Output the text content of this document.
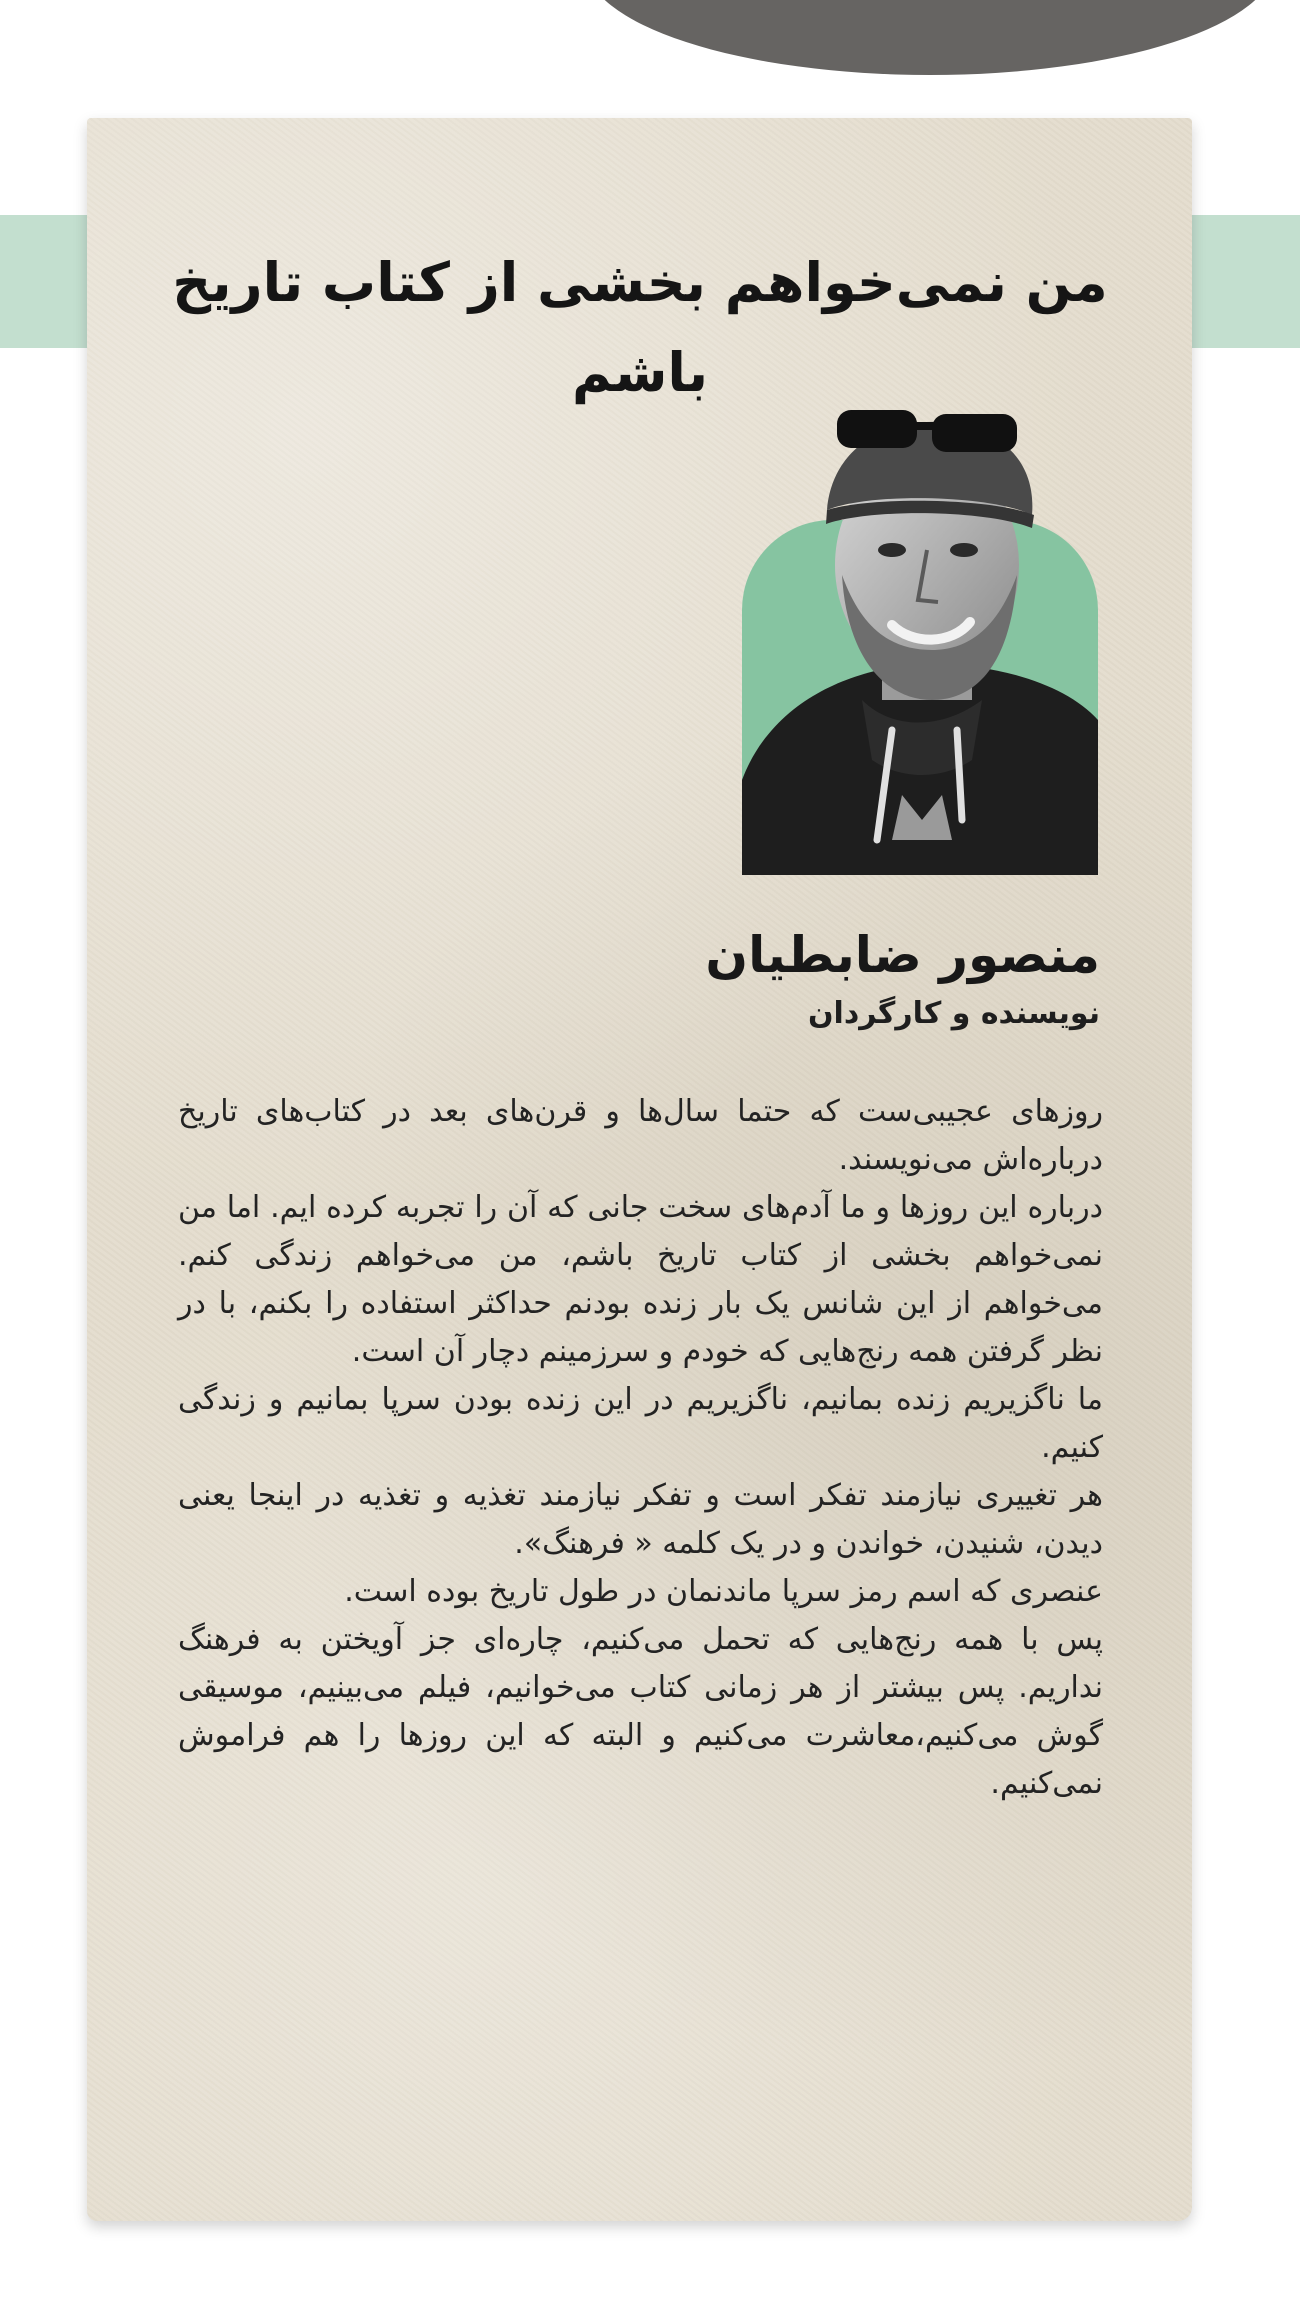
من نمی‌خواهم بخشی از کتاب تاریخ باشم
منصور ضابطیان
نویسنده و کارگردان

روزهای عجیبی‌ست که حتما سال‌ها و قرن‌های بعد در کتاب‌های تاریخ درباره‌اش می‌نویسند.

درباره این روزها و ما آدم‌های سخت جانی که آن را تجربه کرده ایم. اما من نمی‌خواهم بخشی از کتاب تاریخ باشم، من می‌خواهم زندگی کنم. می‌خواهم از این شانس یک بار زنده بودنم حداکثر استفاده را بکنم، با در نظر گرفتن همه رنج‌هایی که خودم و سرزمینم دچار آن است.

ما ناگزیریم زنده بمانیم، ناگزیریم در این زنده بودن سرپا بمانیم و زندگی کنیم.

هر تغییری نیازمند تفکر است و تفکر نیازمند تغذیه و تغذیه در اینجا یعنی دیدن، شنیدن، خواندن و در یک کلمه « فرهنگ».

عنصری که اسم رمز سرپا ماندنمان در طول تاریخ بوده است.

پس با همه رنج‌هایی که تحمل می‌کنیم، چاره‌ای جز آویختن به فرهنگ نداریم. پس بیشتر از هر زمانی کتاب می‌خوانیم، فیلم می‌بینیم، موسیقی گوش می‌کنیم،معاشرت می‌کنیم و البته که این روزها را هم فراموش نمی‌کنیم.
